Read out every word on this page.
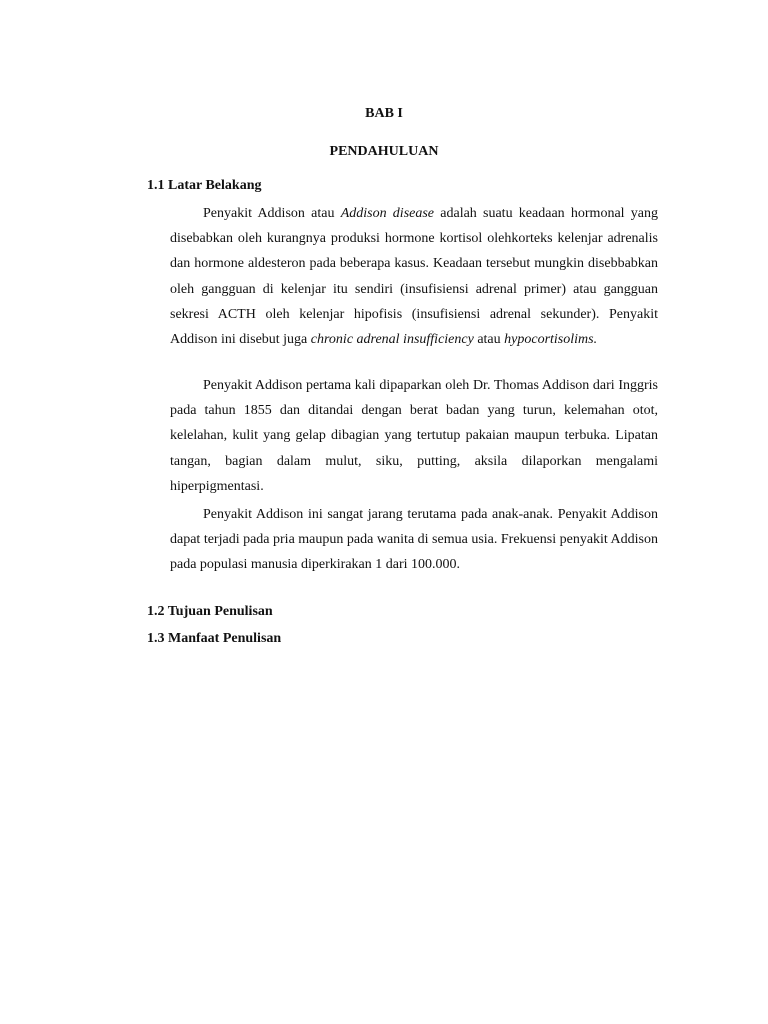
BAB I
PENDAHULUAN
1.1 Latar Belakang

Penyakit Addison atau Addison disease adalah suatu keadaan hormonal yang disebabkan oleh kurangnya produksi hormone kortisol olehkorteks kelenjar adrenalis dan hormone aldesteron pada beberapa kasus. Keadaan tersebut mungkin disebbabkan oleh gangguan di kelenjar itu sendiri (insufisiensi adrenal primer) atau gangguan sekresi ACTH oleh kelenjar hipofisis (insufisiensi adrenal sekunder). Penyakit Addison ini disebut juga chronic adrenal insufficiency atau hypocortisolims.

Penyakit Addison pertama kali dipaparkan oleh Dr. Thomas Addison dari Inggris pada tahun 1855 dan ditandai dengan berat badan yang turun, kelemahan otot, kelelahan, kulit yang gelap dibagian yang tertutup pakaian maupun terbuka. Lipatan tangan, bagian dalam mulut, siku, putting, aksila dilaporkan mengalami hiperpigmentasi.

Penyakit Addison ini sangat jarang terutama pada anak-anak. Penyakit Addison dapat terjadi pada pria maupun pada wanita di semua usia. Frekuensi penyakit Addison pada populasi manusia diperkirakan 1 dari 100.000.

1.2 Tujuan Penulisan
1.3 Manfaat Penulisan
